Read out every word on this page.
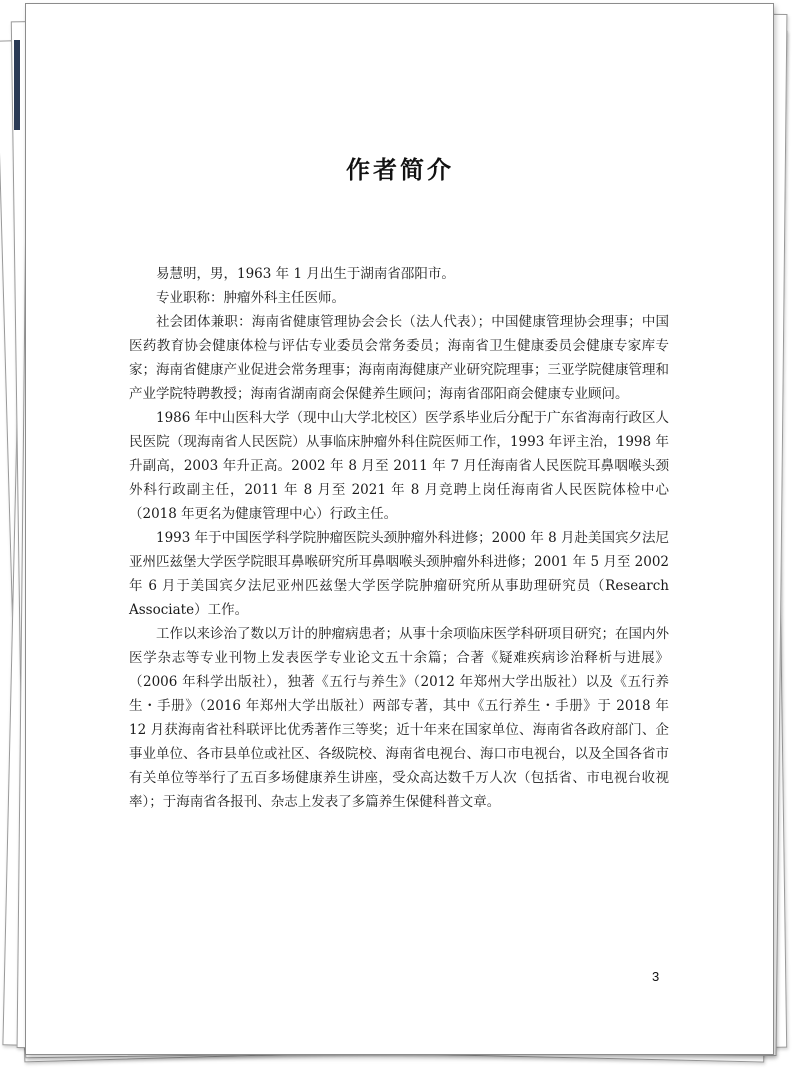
作者简介

易慧明，男，1963 年 1 月出生于湖南省邵阳市。

专业职称：肿瘤外科主任医师。

社会团体兼职：海南省健康管理协会会长（法人代表）；中国健康管理协会理事；中国医药教育协会健康体检与评估专业委员会常务委员；海南省卫生健康委员会健康专家库专家；海南省健康产业促进会常务理事；海南南海健康产业研究院理事；三亚学院健康管理和产业学院特聘教授；海南省湖南商会保健养生顾问；海南省邵阳商会健康专业顾问。

1986 年中山医科大学（现中山大学北校区）医学系毕业后分配于广东省海南行政区人民医院（现海南省人民医院）从事临床肿瘤外科住院医师工作，1993 年评主治，1998 年升副高，2003 年升正高。2002 年 8 月至 2011 年 7 月任海南省人民医院耳鼻咽喉头颈外科行政副主任，2011 年 8 月至 2021 年 8 月竞聘上岗任海南省人民医院体检中心（2018 年更名为健康管理中心）行政主任。

1993 年于中国医学科学院肿瘤医院头颈肿瘤外科进修；2000 年 8 月赴美国宾夕法尼亚州匹兹堡大学医学院眼耳鼻喉研究所耳鼻咽喉头颈肿瘤外科进修；2001 年 5 月至 2002 年 6 月于美国宾夕法尼亚州匹兹堡大学医学院肿瘤研究所从事助理研究员（Research Associate）工作。

工作以来诊治了数以万计的肿瘤病患者；从事十余项临床医学科研项目研究；在国内外医学杂志等专业刊物上发表医学专业论文五十余篇；合著《疑难疾病诊治释析与进展》（2006 年科学出版社），独著《五行与养生》（2012 年郑州大学出版社）以及《五行养生・手册》（2016 年郑州大学出版社）两部专著，其中《五行养生・手册》于 2018 年 12 月获海南省社科联评比优秀著作三等奖；近十年来在国家单位、海南省各政府部门、企事业单位、各市县单位或社区、各级院校、海南省电视台、海口市电视台，以及全国各省市有关单位等举行了五百多场健康养生讲座，受众高达数千万人次（包括省、市电视台收视率）；于海南省各报刊、杂志上发表了多篇养生保健科普文章。

3
